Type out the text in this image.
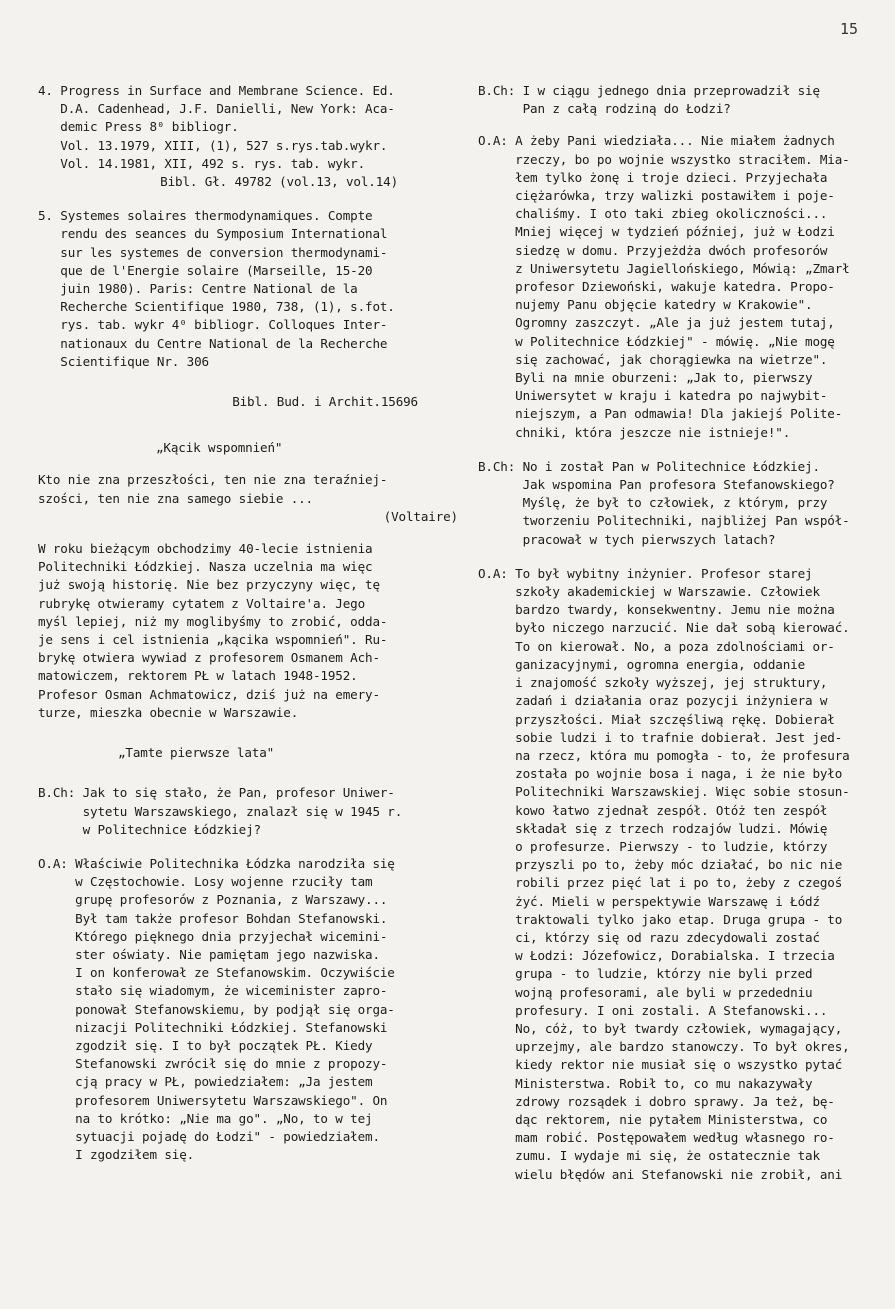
15
4. Progress in Surface and Membrane Science. Ed.
D.A. Cadenhead, J.F. Danielli, New York: Aca-
demic Press 8⁰ bibliogr.
Vol. 13.1979, XIII, (1), 527 s.rys.tab.wykr.
Vol. 14.1981, XII, 492 s. rys. tab. wykr.
Bibl. Gł. 49782 (vol.13, vol.14)
5. Systemes solaires thermodynamiques. Compte
rendu des seances du Symposium International
sur les systemes de conversion thermodynami-
que de l'Energie solaire (Marseille, 15-20
juin 1980). Paris: Centre National de la
Recherche Scientifique 1980, 738, (1), s.fot.
rys. tab. wykr 4⁰ bibliogr. Colloques Inter-
nationaux du Centre National de la Recherche
Scientifique Nr. 306
Bibl. Bud. i Archit.15696
„Kącik wspomnień"
Kto nie zna przeszłości, ten nie zna teraźniej-
szości, ten nie zna samego siebie ...
(Voltaire)
W roku bieżącym obchodzimy 40-lecie istnienia
Politechniki Łódzkiej. Nasza uczelnia ma więc
już swoją historię. Nie bez przyczyny więc, tę
rubrykę otwieramy cytatem z Voltaire'a. Jego
myśl lepiej, niż my moglibyśmy to zrobić, odda-
je sens i cel istnienia „kącika wspomnień". Ru-
brykę otwiera wywiad z profesorem Osmanem Ach-
matowiczem, rektorem PŁ w latach 1948-1952.
Profesor Osman Achmatowicz, dziś już na emery-
turze, mieszka obecnie w Warszawie.
„Tamte pierwsze lata"
B.Ch: Jak to się stało, że Pan, profesor Uniwer-
sytetu Warszawskiego, znalazł się w 1945 r.
w Politechnice Łódzkiej?
O.A: Właściwie Politechnika Łódzka narodziła się
w Częstochowie. Losy wojenne rzuciły tam
grupę profesorów z Poznania, z Warszawy...
Był tam także profesor Bohdan Stefanowski.
Którego pięknego dnia przyjechał wicemini-
ster oświaty. Nie pamiętam jego nazwiska.
I on konferował ze Stefanowskim. Oczywiście
stało się wiadomym, że wiceminister zapro-
ponował Stefanowskiemu, by podjął się orga-
nizacji Politechniki Łódzkiej. Stefanowski
zgodził się. I to był początek PŁ. Kiedy
Stefanowski zwrócił się do mnie z propozy-
cją pracy w PŁ, powiedziałem: „Ja jestem
profesorem Uniwersytetu Warszawskiego". On
na to krótko: „Nie ma go". „No, to w tej
sytuacji pojadę do Łodzi" - powiedziałem.
I zgodziłem się.
B.Ch: I w ciągu jednego dnia przeprowadził się
Pan z całą rodziną do Łodzi?
O.A: A żeby Pani wiedziała... Nie miałem żadnych
rzeczy, bo po wojnie wszystko straciłem. Mia-
łem tylko żonę i troje dzieci. Przyjechała
ciężarówka, trzy walizki postawiłem i poje-
chaliśmy. I oto taki zbieg okoliczności...
Mniej więcej w tydzień później, już w Łodzi
siedzę w domu. Przyjeżdża dwóch profesorów
z Uniwersytetu Jagiellońskiego, Mówią: „Zmarł
profesor Dziewoński, wakuje katedra. Propo-
nujemy Panu objęcie katedry w Krakowie".
Ogromny zaszczyt. „Ale ja już jestem tutaj,
w Politechnice Łódzkiej" - mówię. „Nie mogę
się zachować, jak chorągiewka na wietrze".
Byli na mnie oburzeni: „Jak to, pierwszy
Uniwersytet w kraju i katedra po najwybit-
niejszym, a Pan odmawia! Dla jakiejś Polite-
chniki, która jeszcze nie istnieje!".
B.Ch: No i został Pan w Politechnice Łódzkiej.
Jak wspomina Pan profesora Stefanowskiego?
Myślę, że był to człowiek, z którym, przy
tworzeniu Politechniki, najbliżej Pan współ-
pracował w tych pierwszych latach?
O.A: To był wybitny inżynier. Profesor starej
szkoły akademickiej w Warszawie. Człowiek
bardzo twardy, konsekwentny. Jemu nie można
było niczego narzucić. Nie dał sobą kierować.
To on kierował. No, a poza zdolnościami or-
ganizacyjnymi, ogromna energia, oddanie
i znajomość szkoły wyższej, jej struktury,
zadań i działania oraz pozycji inżyniera w
przyszłości. Miał szczęśliwą rękę. Dobierał
sobie ludzi i to trafnie dobierał. Jest jed-
na rzecz, która mu pomogła - to, że profesura
została po wojnie bosa i naga, i że nie było
Politechniki Warszawskiej. Więc sobie stosun-
kowo łatwo zjednał zespół. Otóż ten zespół
składał się z trzech rodzajów ludzi. Mówię
o profesurze. Pierwszy - to ludzie, którzy
przyszli po to, żeby móc działać, bo nic nie
robili przez pięć lat i po to, żeby z czegoś
żyć. Mieli w perspektywie Warszawę i Łódź
traktowali tylko jako etap. Druga grupa - to
ci, którzy się od razu zdecydowali zostać
w Łodzi: Józefowicz, Dorabialska. I trzecia
grupa - to ludzie, którzy nie byli przed
wojną profesorami, ale byli w przededniu
profesury. I oni zostali. A Stefanowski...
No, cóż, to był twardy człowiek, wymagający,
uprzejmy, ale bardzo stanowczy. To był okres,
kiedy rektor nie musiał się o wszystko pytać
Ministerstwa. Robił to, co mu nakazywały
zdrowy rozsądek i dobro sprawy. Ja też, bę-
dąc rektorem, nie pytałem Ministerstwa, co
mam robić. Postępowałem według własnego ro-
zumu. I wydaje mi się, że ostatecznie tak
wielu błędów ani Stefanowski nie zrobił, ani
